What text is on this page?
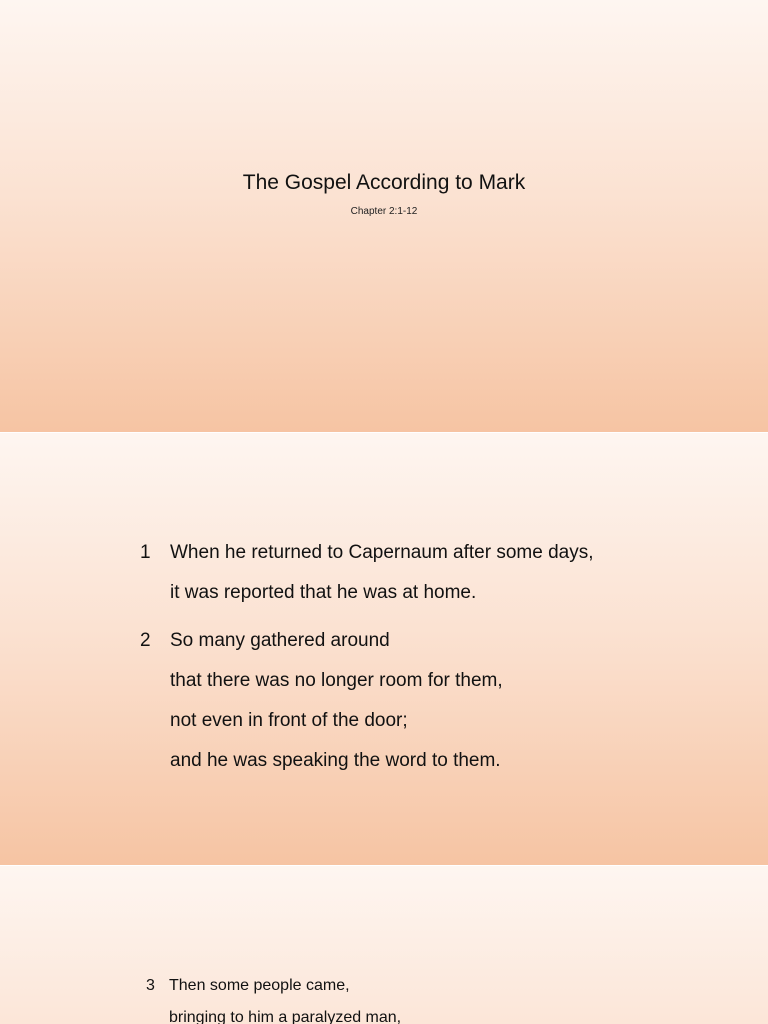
The Gospel According to Mark
Chapter 2:1-12
1	When he returned to Capernaum after some days,
it was reported that he was at home.
2	So many gathered around
that there was no longer room for them,
not even in front of the door;
and he was speaking the word to them.
3 Then some people came,
bringing to him a paralyzed man,
